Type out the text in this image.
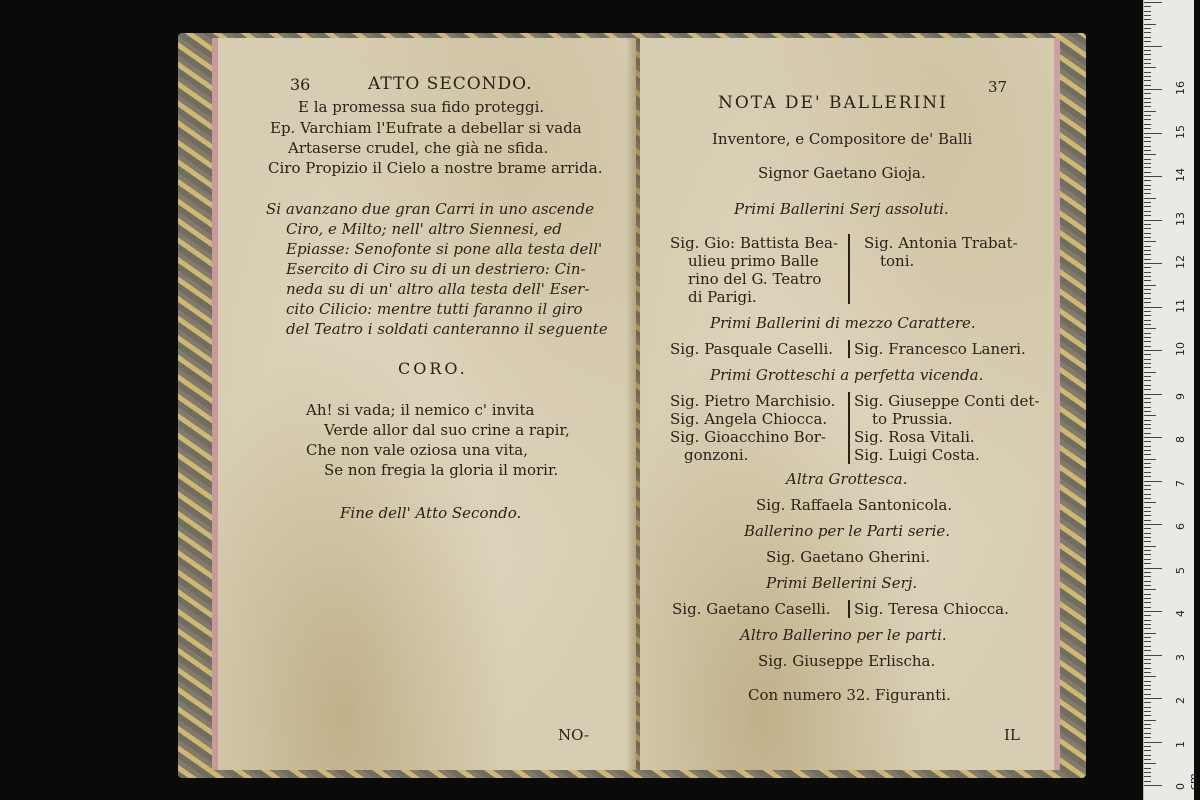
36	ATTO SECONDO.
E la promessa sua fido proteggi.
Ep. Varchiam l'Eufrate a debellar si vada
Artaserse crudel, che già ne sfida.
Ciro Propizio il Cielo a nostre brame arrida.
Si avanzano due gran Carri in uno ascende
Ciro, e Milto; nell' altro Siennesi, ed
Epiasse: Senofonte si pone alla testa dell'
Esercito di Ciro su di un destriero: Cin-
neda su di un' altro alla testa dell' Eser-
cito Cilicio: mentre tutti faranno il giro
del Teatro i soldati canteranno il seguente
CORO.
Ah! si vada; il nemico c' invita
Verde allor dal suo crine a rapir,
Che non vale oziosa una vita,
Se non fregia la gloria il morir.
Fine dell' Atto Secondo.
NO-
37
NOTA DE' BALLERINI
Inventore, e Compositore de' Balli
Signor Gaetano Gioja.
Primi Ballerini Serj assoluti.
Sig. Gio: Battista Bea-
ulieu primo Balle
rino del G. Teatro
di Parigi.
Sig. Antonia Trabat-
toni.
Primi Ballerini di mezzo Carattere.
Sig. Pasquale Caselli. Sig. Francesco Laneri.
Primi Grotteschi a perfetta vicenda.
Sig. Pietro Marchisio.
Sig. Angela Chiocca.
Sig. Gioacchino Bor-
gonzoni.
Sig. Giuseppe Conti det-
to Prussia.
Sig. Rosa Vitali.
Sig. Luigi Costa.
Altra Grottesca.
Sig. Raffaela Santonicola.
Ballerino per le Parti serie.
Sig. Gaetano Gherini.
Primi Bellerini Serj.
Sig. Gaetano Caselli. Sig. Teresa Chiocca.
Altro Ballerino per le parti.
Sig. Giuseppe Erlischa.
Con numero 32. Figuranti.
IL
0 cm
1
2
3
4
5
6
7
8
9
10
11
12
13
14
15
16
